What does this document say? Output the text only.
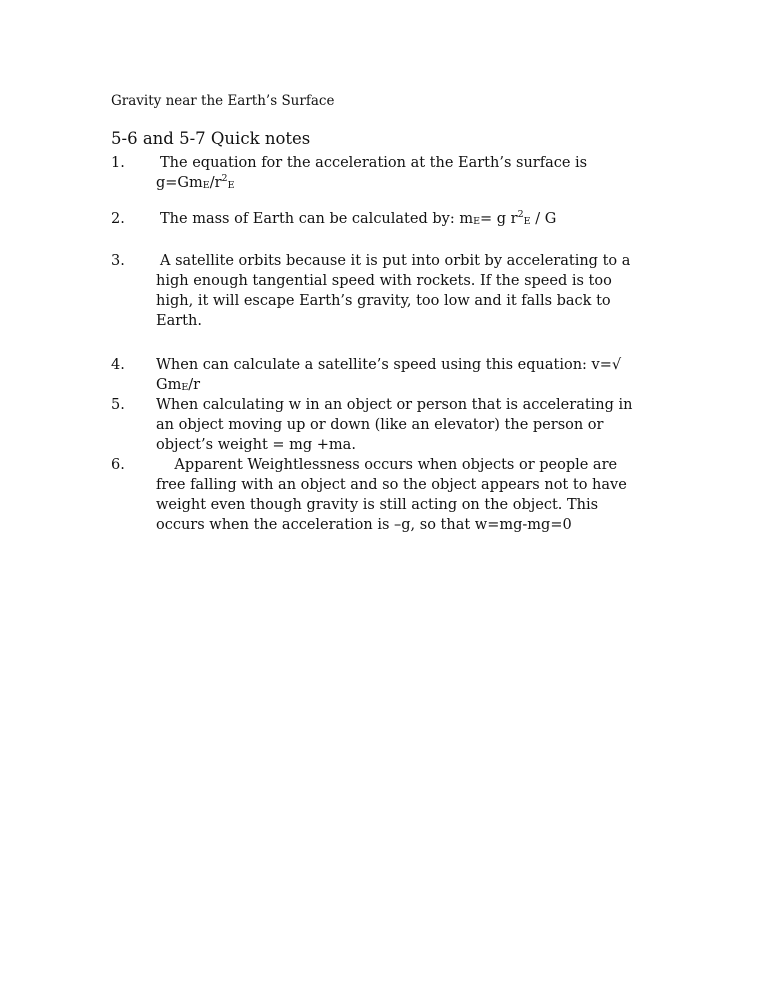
Gravity near the Earth’s Surface
5-6 and 5-7 Quick notes
1. The equation for the acceleration at the Earth’s surface is
$g=Gm_E/r^2_E$
2. The mass of Earth can be calculated by: $m_E= g$ $r^2_E$ / G
3. A satellite orbits because it is put into orbit by accelerating to a
high enough tangential speed with rockets. If the speed is too
high, it will escape Earth’s gravity, too low and it falls back to
Earth.
4. When can calculate a satellite’s speed using this equation: v=√
$Gm_E/r$
5. When calculating w in an object or person that is accelerating in
an object moving up or down (like an elevator) the person or
object’s weight = mg +ma.
6. Apparent Weightlessness occurs when objects or people are
free falling with an object and so the object appears not to have
weight even though gravity is still acting on the object. This
occurs when the acceleration is –g, so that w=mg-mg=0
